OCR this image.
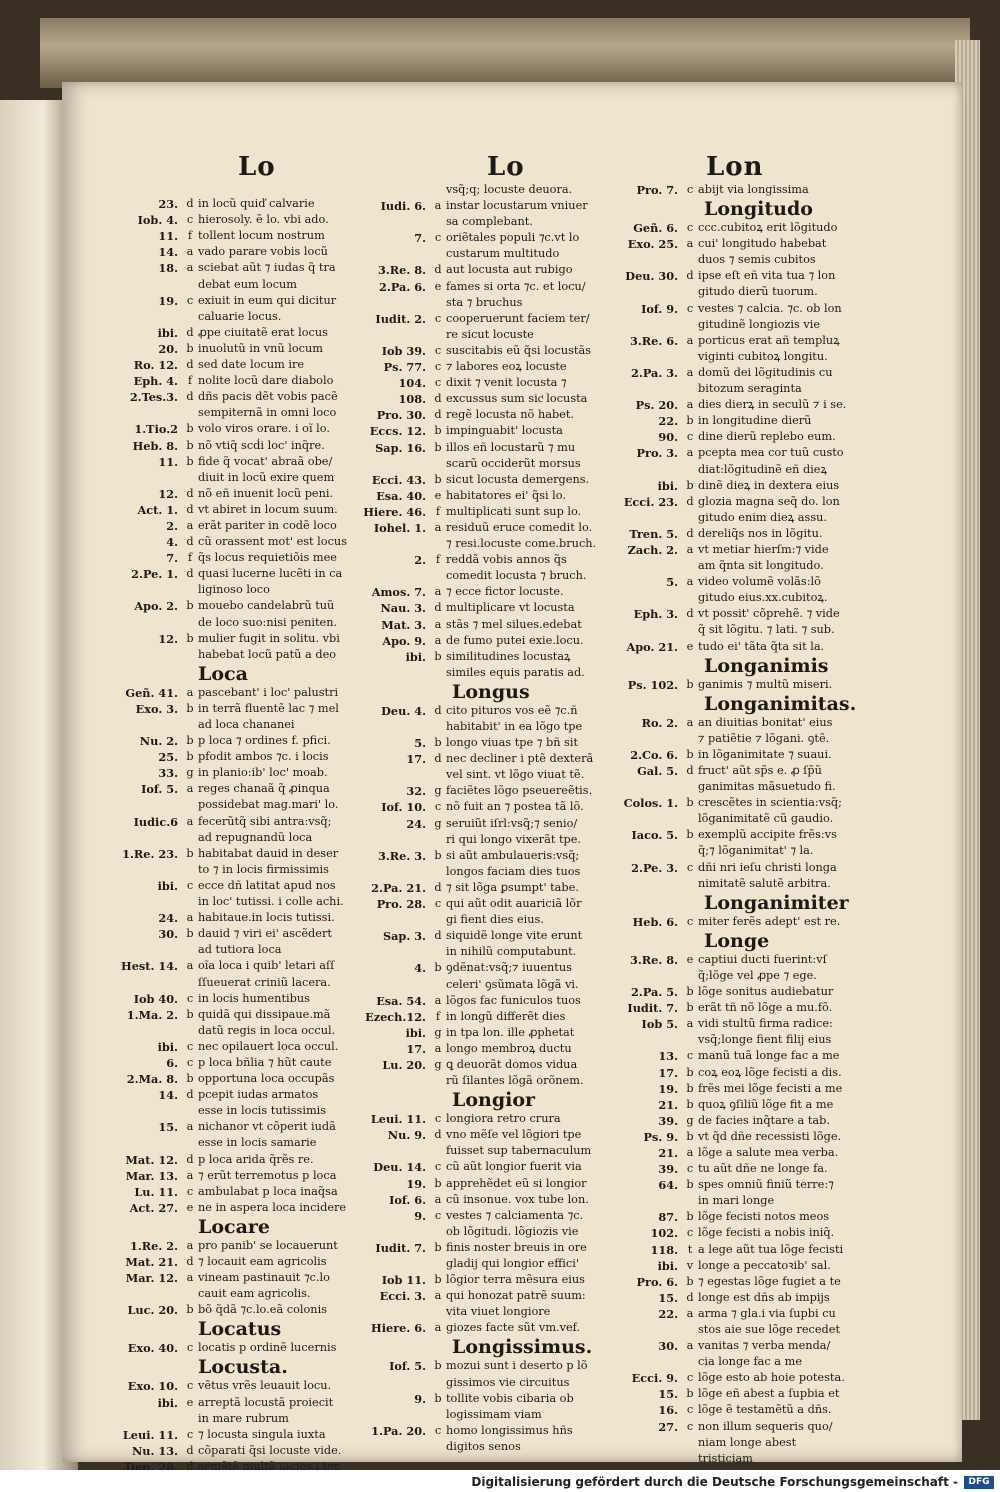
Lo	Lo	Lon
23. d in locũ quiď calvarie
Iob. 4. c hierosoly. ẽ lo. vbi ado.
11. f tollent locum nostrum
14. a vado parare vobis locũ
18. a sciebat aũt ⁊ iudas q̃ tra
debat eum locum
19. c exiuit in eum qui dicitur
caluarie locus.
ibi. d ꝓpe ciuitatẽ erat locus
20. b inuolutũ in vnũ locum
Ro. 12. d sed date locum ire
Eph. 4. f nolite locũ dare diabolo
2.Tes.3. d dñs pacis dẽt vobis pacẽ
sempiternã in omni loco
1.Tio.2 b volo viros orare. i oĩ lo.
Heb. 8. b nõ vtiq̃ scḋi loc' inq̃re.
11. b fide q̃ vocat' abraã obe/
diuit in locũ exire quem
12. d nõ eñ inuenit locũ peni.
Act. 1. d vt abiret in locum suum.
2. a erãt pariter in codẽ loco
4. d cũ orassent mot' est locus
7. f q̃s locus requietiõis mee
2.Pe. 1. d quasi lucerne lucẽti in ca
liginoso loco
Apo. 2. b mouebo candelabrũ tuũ
de loco suo:nisi peniten.
12. b mulier fugit in solitu. vbi
habebat locũ patũ a deo
Loca
Geñ. 41. a pascebant' i loc' palustri
Exo. 3. b in terrã fluentẽ lac ⁊ mel
ad loca chananei
Nu. 2. b p loca ⁊ ordines f. pfici.
25. b pfodit ambos ⁊c. i locis
33. g in planio:ib' loc' moab.
Iof. 5. a reges chanaã q̃ ꝓinqua
possidebat mag.mari' lo.
Iudic.6 a fecerũtq̃ sibi antra:vsq̃;
ad repugnandũ loca
1.Re. 23. b habitabat dauid in deser
to ⁊ in locis firmissimis
ibi. c ecce dñ latitat apud nos
in loc' tutissi. i colle achi.
24. a habitaue.in locis tutissi.
30. b dauid ⁊ viri ei' ascẽdert
ad tutiora loca
Hest. 14. a oĩa loca i quib' letari aſſ
ſſueuerat criniũ lacera.
Iob 40. c in locis humentibus
1.Ma. 2. b quidã qui dissipaue.mã
datũ regis in loca occul.
ibi. c nec opilauert loca occul.
6. c p loca bñlia ⁊ hũt caute
2.Ma. 8. b opportuna loca occupãs
14. d pcepit iudas armatos
esse in locis tutissimis
15. a nichanor vt cõperit iudã
esse in locis samarie
Mat. 12. d p loca arida q̃rẽs re.
Mar. 13. a ⁊ erũt terremotus p loca
Lu. 11. c ambulabat p loca inaq̃sa
Act. 27. e ne in aspera loca incidere
Locare
1.Re. 2. a pro panib' se locauerunt
Mat. 21. d ⁊ locauit eam agricolis
Mar. 12. a vineam pastinauit ⁊c.lo
cauit eam agricolis.
Luc. 20. b bõ q̃dã ⁊c.lo.eã colonis
Locatus
Exo. 40. c locatis p ordinẽ lucernis
Locusta.
Exo. 10. c vẽtus vrẽs leuauit locu.
ibi. e arreptã locustã proiecit
in mare rubrum
Leui. 11. c ⁊ locusta singula iuxta
Nu. 13. d cõparati q̃si locuste vide.
Deu. 28. d semẽtẽ multã iacies i ter.
vsq̃;q; locuste deuora.
Iudi. 6. a instar locustarum vniuer
sa complebant.
7. c oriẽtales populi ⁊c.vt lo
custarum multitudo
3.Re. 8. d aut locusta aut rubigo
2.Pa. 6. e fames si orta ⁊c. et locu/
sta ⁊ bruchus
Iudit. 2. c cooperuerunt faciem ter/
re sicut locuste
Iob 39. c suscitabis eũ q̃si locustãs
Ps. 77. c ⁊ labores eoꝝ locuste
104. c dixit ⁊ venit locusta ⁊
108. d excussus sum sicͭ locusta
Pro. 30. d regẽ locusta nõ habet.
Eccs. 12. b impinguabit' locusta
Sap. 16. b illos eñ locustarũ ⁊ mu
scarũ occiderũt morsus
Ecci. 43. b sicut locusta demergens.
Esa. 40. e habitatores ei' q̃si lo.
Hiere. 46. f multiplicati sunt sup lo.
Iohel. 1. a residuũ eruce comedit lo.
⁊ resi.locuste come.bruch.
2. f reddã vobis annos q̃s
comedit locusta ⁊ bruch.
Amos. 7. a ⁊ ecce fictor locuste.
Nau. 3. d multiplicare vt locusta
Mat. 3. a stãs ⁊ mel silues.edebat
Apo. 9. a de fumo putei exie.locu.
ibi. b similitudines locustaꝝ
similes equis paratis ad.
Longus
Deu. 4. d cito pituros vos eẽ ⁊c.ñ
habitabit' in ea lõgo tpe
5. b longo viuas tpe ⁊ bñ sit
17. d nec decliner i ptẽ dexterã
vel sint. vt lõgo viuat tẽ.
32. g faciẽtes lõgo pseuereẽtis.
Iof. 10. c nõ fuit an ⁊ postea tã lõ.
24. g seruiũt iſrl:vsq̃;⁊ senio/
ri qui longo vixerãt tpe.
3.Re. 3. b si aũt ambulaueris:vsq̃;
longos faciam dies tuos
2.Pa. 21. d ⁊ sit lõga ꝑsumpt' tabe.
Pro. 28. c qui aũt odit auariciã lõr
gi fient dies eius.
Sap. 3. d siquidẽ longe vite erunt
in nihilũ computabunt.
4. b ꝯdẽnat:vsq̃;⁊ iuuentus
celeri' ꝯsũmata lõgã vi.
Esa. 54. a lõgos fac funiculos tuos
Ezech.12. f in longũ differẽt dies
ibi. g in tpa lon. ille ꝓphetat
17. a longo membroꝝ ductu
Lu. 20. g ꝗ deuorãt domos vidua
rũ ſilantes lõgã orõnem.
Longior
Leui. 11. c longiora retro crura
Nu. 9. d vno mẽſe vel lõgiori tpe
fuisset sup tabernaculum
Deu. 14. c cũ aũt longior fuerit via
19. b apprehẽdet eũ si longior
Iof. 6. a cũ insonue. vox tube lon.
9. c vestes ⁊ calciamenta ⁊c.
ob lõgitudi. lõgiozis vie
Iudit. 7. b finis noster breuis in ore
gladij qui longior effici'
Iob 11. b lõgior terra mẽsura eius
Ecci. 3. a qui honozat patrẽ suum:
vita viuet longiore
Hiere. 6. a giozes facte sũt vm.vef.
Longissimus.
Iof. 5. b mozui sunt i deserto p lõ
gissimos vie circuitus
9. b tollite vobis cibaria ob
logissimam viam
1.Pa. 20. c homo longissimus hñs
digitos senos
Pro. 7. c abijt via longissima
Longitudo
Geñ. 6. c ccc.cubitoꝝ erit lõgitudo
Exo. 25. a cui' longitudo habebat
duos ⁊ semis cubitos
Deu. 30. d ipse eſt eñ vita tua ⁊ lon
gitudo dierũ tuorum.
Iof. 9. c vestes ⁊ calcia. ⁊c. ob lon
gitudinẽ longiozis vie
3.Re. 6. a porticus erat añ templuꝝ
viginti cubitoꝝ longitu.
2.Pa. 3. a domũ dei lõgitudinis cu
bitozum seraginta
Ps. 20. a dies dierꝝ in seculũ ⁊ i se.
22. b in longitudine dierũ
90. c dine dierũ replebo eum.
Pro. 3. a pcepta mea cor tuũ custo
diat:lõgitudinẽ eñ dieꝝ
ibi. b dinẽ dieꝝ in dextera eius
Ecci. 23. d glozia magna seq̃ do. lon
gitudo enim dieꝝ assu.
Tren. 5. d dereliq̃s nos in lõgitu.
Zach. 2. a vt metiar hierſm:⁊ vide
am q̃nta sit longitudo.
5. a video volumẽ volãs:lõ
gitudo eius.xx.cubitoꝝ.
Eph. 3. d vt possit' cõprehẽ. ⁊ vide
q̃ sit lõgitu. ⁊ lati. ⁊ sub.
Apo. 21. e tudo ei' tãta q̃ta sit la.
Longanimis
Ps. 102. b ganimis ⁊ multũ miseri.
Longanimitas.
Ro. 2. a an diuitias bonitat' eius
⁊ patiẽtie ⁊ lõgani. ꝯtẽ.
2.Co. 6. b in lõganimitate ⁊ suaui.
Gal. 5. d fruct' aũt sp̃s e. ꝓ ſp̃ũ
ganimitas mãsuetudo fi.
Colos. 1. b crescẽtes in scientia:vsq̃;
lõganimitatẽ cũ gaudio.
Iaco. 5. b exemplũ accipite frẽs:vs
q̃;⁊ lõganimitat' ⁊ la.
2.Pe. 3. c dñi nri ieſu christi longa
nimitatẽ salutẽ arbitra.
Longanimiter
Heb. 6. c miter ferẽs adept' est re.
Longe
3.Re. 8. e captiui ducti fuerint:vſ
q̃;lõge vel ꝓpe ⁊ ege.
2.Pa. 5. b lõge sonitus audiebatur
Iudit. 7. b erãt tñ nõ lõge a mu.fõ.
Iob 5. a vidi stultũ firma radice:
vsq̃;longe fient filij eius
13. c manũ tuã longe fac a me
17. b coꝝ eoꝝ lõge fecisti a dis.
19. b frẽs mei lõge fecisti a me
21. b quoꝝ ꝯſiliũ lõge fit a me
39. g de facies inq̃tare a tab.
Ps. 9. b vt q̃d dñe recessisti lõge.
21. a lõge a salute mea verba.
39. c tu aũt dñe ne longe fa.
64. b spes omniũ finiũ terre:⁊
in mari longe
87. b lõge fecisti notos meos
102. c lõge fecisti a nobis iniq̃.
118. t a lege aũt tua lõge fecisti
ibi. v longe a peccatoꝛib' sal.
Pro. 6. b ⁊ egestas lõge fugiet a te
15. d longe est dñs ab impijs
22. a arma ⁊ gla.i via ſupbi cu
stos aie sue lõge recedet
30. a vanitas ⁊ verba menda/
cia longe fac a me
Ecci. 9. c lõge esto ab hoie potesta.
15. b lõge eñ abest a ſupbia et
16. c lõge ẽ testamẽtũ a dñs.
27. c non illum sequeris quo/
niam longe abest
tristiciam
Digitalisierung gefördert durch die Deutsche Forschungsgemeinschaft -	DFG
